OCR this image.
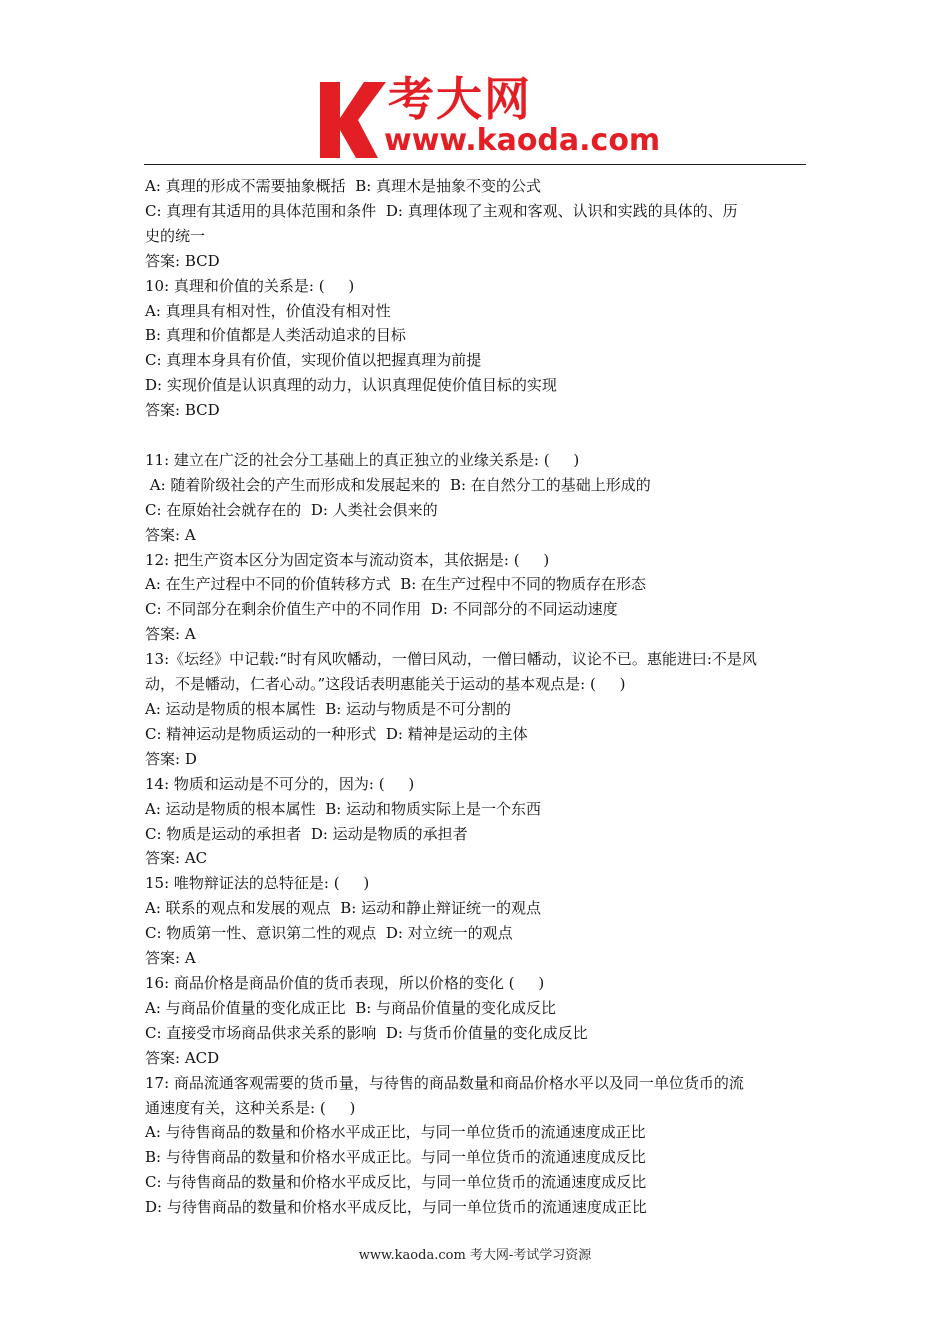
考大网
www.kaoda.com
A: 真理的形成不需要抽象概括  B: 真理木是抽象不变的公式
C: 真理有其适用的具体范围和条件  D: 真理体现了主观和客观、认识和实践的具体的、历
史的统一
答案: BCD
10: 真理和价值的关系是: (     )
A: 真理具有相对性，价值没有相对性
B: 真理和价值都是人类活动追求的目标
C: 真理本身具有价值，实现价值以把握真理为前提
D: 实现价值是认识真理的动力，认识真理促使价值目标的实现
答案: BCD
11: 建立在广泛的社会分工基础上的真正独立的业缘关系是: (     )
A: 随着阶级社会的产生而形成和发展起来的  B: 在自然分工的基础上形成的
C: 在原始社会就存在的  D: 人类社会俱来的
答案: A
12: 把生产资本区分为固定资本与流动资本，其依据是: (     )
A: 在生产过程中不同的价值转移方式  B: 在生产过程中不同的物质存在形态
C: 不同部分在剩余价值生产中的不同作用  D: 不同部分的不同运动速度
答案: A
13:《坛经》中记载:“时有风吹幡动，一僧曰风动，一僧曰幡动，议论不已。惠能进曰:不是风
动，不是幡动，仁者心动。”这段话表明惠能关于运动的基本观点是: (     )
A: 运动是物质的根本属性  B: 运动与物质是不可分割的
C: 精神运动是物质运动的一种形式  D: 精神是运动的主体
答案: D
14: 物质和运动是不可分的，因为: (     )
A: 运动是物质的根本属性  B: 运动和物质实际上是一个东西
C: 物质是运动的承担者  D: 运动是物质的承担者
答案: AC
15: 唯物辩证法的总特征是: (     )
A: 联系的观点和发展的观点  B: 运动和静止辩证统一的观点
C: 物质第一性、意识第二性的观点  D: 对立统一的观点
答案: A
16: 商品价格是商品价值的货币表现，所以价格的变化 (     )
A: 与商品价值量的变化成正比  B: 与商品价值量的变化成反比
C: 直接受市场商品供求关系的影响  D: 与货币价值量的变化成反比
答案: ACD
17: 商品流通客观需要的货币量，与待售的商品数量和商品价格水平以及同一单位货币的流
通速度有关，这种关系是: (     )
A: 与待售商品的数量和价格水平成正比，与同一单位货币的流通速度成正比
B: 与待售商品的数量和价格水平成正比。与同一单位货币的流通速度成反比
C: 与待售商品的数量和价格水平成反比，与同一单位货币的流通速度成反比
D: 与待售商品的数量和价格水平成反比，与同一单位货币的流通速度成正比
www.kaoda.com 考大网-考试学习资源
